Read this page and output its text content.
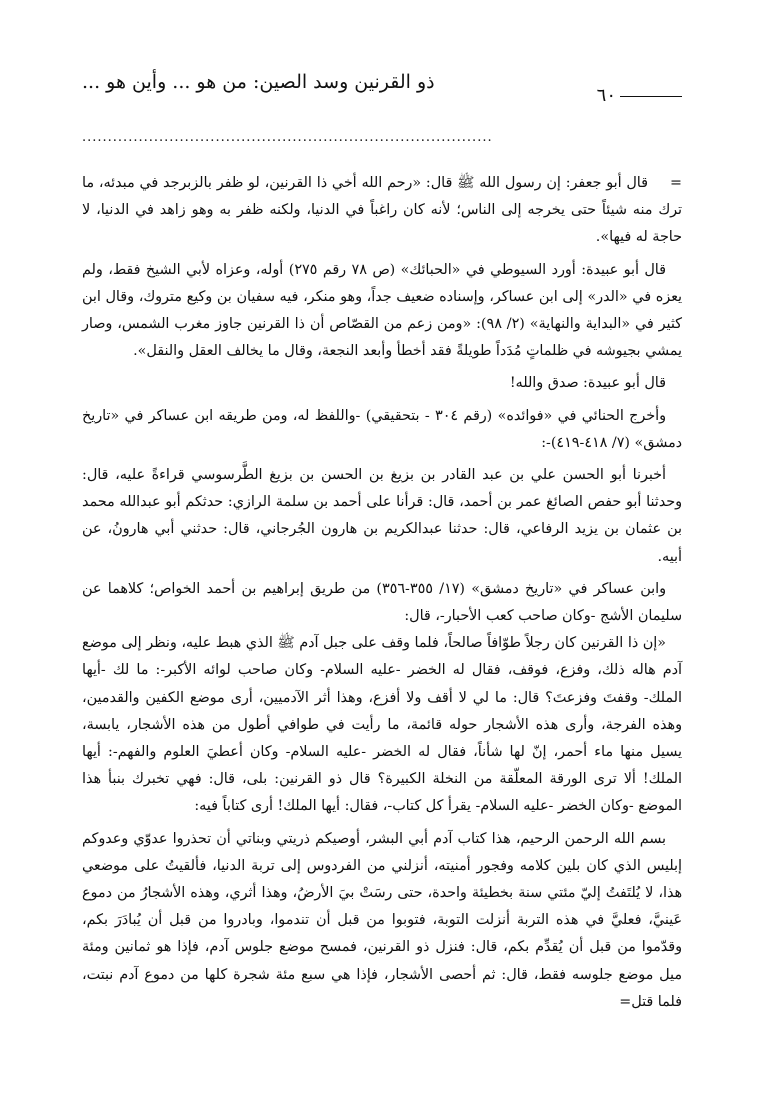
ذو القرنين وسد الصين: من هو ... وأين هو ...
٦٠
................................................................................

=قال أبو جعفر: إن رسول الله ﷺ قال: «رحم الله أخي ذا القرنين، لو ظفر بالزبرجد في مبدئه، ما ترك منه شيئاً حتى يخرجه إلى الناس؛ لأنه كان راغباً في الدنيا، ولكنه ظفر به وهو زاهد في الدنيا، لا حاجة له فيها».

قال أبو عبيدة: أورد السيوطي في «الحبائك» (ص ٧٨ رقم ٢٧٥) أوله، وعزاه لأبي الشيخ فقط، ولم يعزه في «الدر» إلى ابن عساكر، وإسناده ضعيف جداً، وهو منكر، فيه سفيان بن وكيع متروك، وقال ابن كثير في «البداية والنهاية» (٢/ ٩٨): «ومن زعم من القصّاص أن ذا القرنين جاوز مغرب الشمس، وصار يمشي بجيوشه في ظلماتٍ مُدَداً طويلةً فقد أخطأ وأبعد النجعة، وقال ما يخالف العقل والنقل».

قال أبو عبيدة: صدق والله!

وأخرج الحنائي في «فوائده» (رقم ٣٠٤ - بتحقيقي) -واللفظ له، ومن طريقه ابن عساكر في «تاريخ دمشق» (٧/ ٤١٨-٤١٩)-:

أخبرنا أبو الحسن علي بن عبد القادر بن بزيغ بن الحسن بن بزيغ الطَّرسوسي قراءةً عليه، قال: وحدثنا أبو حفص الصائغ عمر بن أحمد، قال: قرأنا على أحمد بن سلمة الرازي: حدثكم أبو عبدالله محمد بن عثمان بن يزيد الرفاعي، قال: حدثنا عبدالكريم بن هارون الجُرجاني، قال: حدثني أبي هارونُ، عن أبيه.

وابن عساكر في «تاريخ دمشق» (١٧/ ٣٥٥-٣٥٦) من طريق إبراهيم بن أحمد الخواص؛ كلاهما عن سليمان الأشج -وكان صاحب كعب الأحبار-، قال:

«إن ذا القرنين كان رجلاً طوّافاً صالحاً، فلما وقف على جبل آدم ﷺ الذي هبط عليه، ونظر إلى موضع آدم هاله ذلك، وفزع، فوقف، فقال له الخضر -عليه السلام- وكان صاحب لوائه الأكبر-: ما لك -أيها الملك- وقفتَ وفزعتَ؟ قال: ما لي لا أقف ولا أفزع، وهذا أثر الآدميين، أرى موضع الكفين والقدمين، وهذه الفرجة، وأرى هذه الأشجار حوله قائمة، ما رأيت في طوافي أطول من هذه الأشجار، يابسة، يسيل منها ماء أحمر، إنّ لها شأناً، فقال له الخضر -عليه السلام- وكان أعطيَ العلوم والفهم-: أيها الملك! ألا ترى الورقة المعلّقة من النخلة الكبيرة؟ قال ذو القرنين: بلى، قال: فهي تخبرك بنبأ هذا الموضع -وكان الخضر -عليه السلام- يقرأ كل كتاب-، فقال: أيها الملك! أرى كتاباً فيه:

بسم الله الرحمن الرحيم، هذا كتاب آدم أبي البشر، أوصيكم ذريتي وبناتي أن تحذروا عدوّي وعدوكم إبليس الذي كان بلين كلامه وفجور أمنيته، أنزلني من الفردوس إلى تربة الدنيا، فألقيتُ على موضعي هذا، لا يُلتَفتُ إليّ مئتي سنة بخطيئة واحدة، حتى رسَتْ بيَ الأرضُ، وهذا أثري، وهذه الأشجارُ من دموع عَينيَّ، فعليَّ في هذه التربة أنزلت التوبة، فتوبوا من قبل أن تندموا، وبادروا من قبل أن يُبادَرَ بكم، وقدّموا من قبل أن يُقدِّم بكم، قال: فنزل ذو القرنين، فمسح موضع جلوس آدم، فإذا هو ثمانين ومئة ميل موضع جلوسه فقط، قال: ثم أحصى الأشجار، فإذا هي سبع مئة شجرة كلها من دموع آدم نبتت، فلما قتل=
